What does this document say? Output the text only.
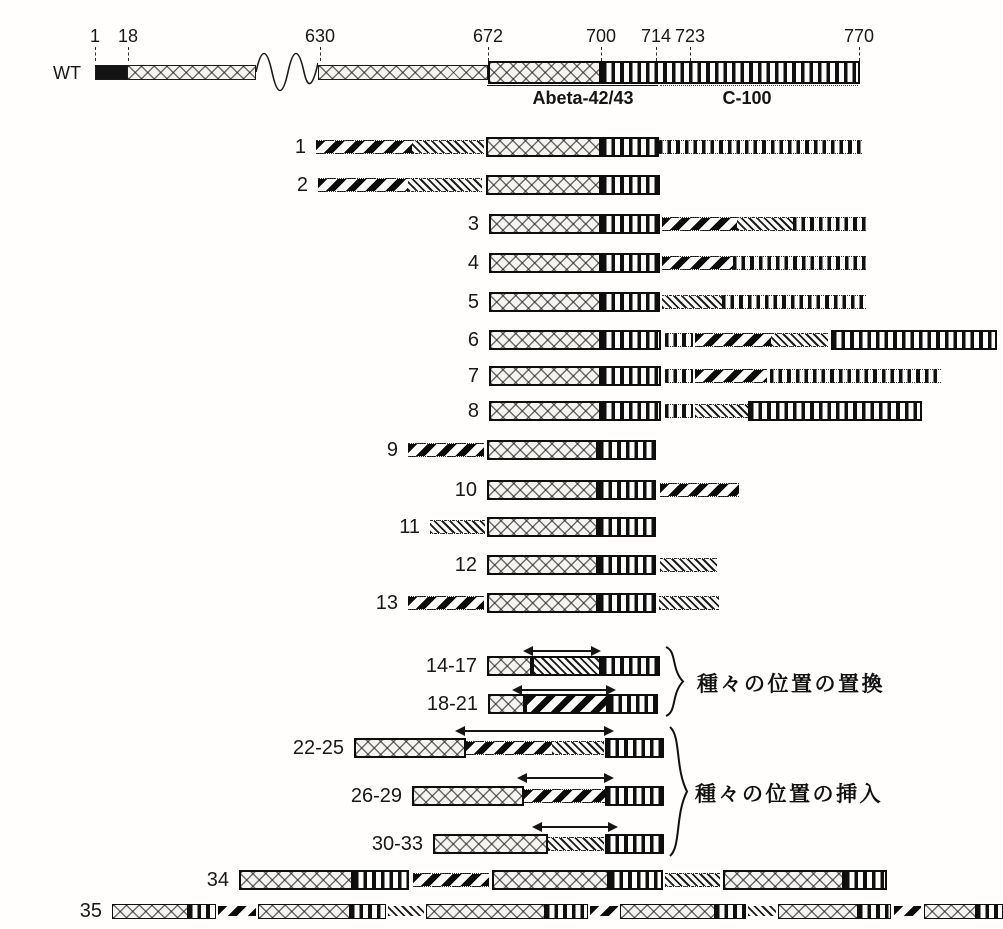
WT
1 18	630	672	700 714 723	770
Abeta-42/43	C-100
1
2
3
4
5
6
7
8
9
10
11
12
13
14-17
18-21
22-25
26-29
30-33
34
35
種々の位置の置換
種々の位置の挿入
